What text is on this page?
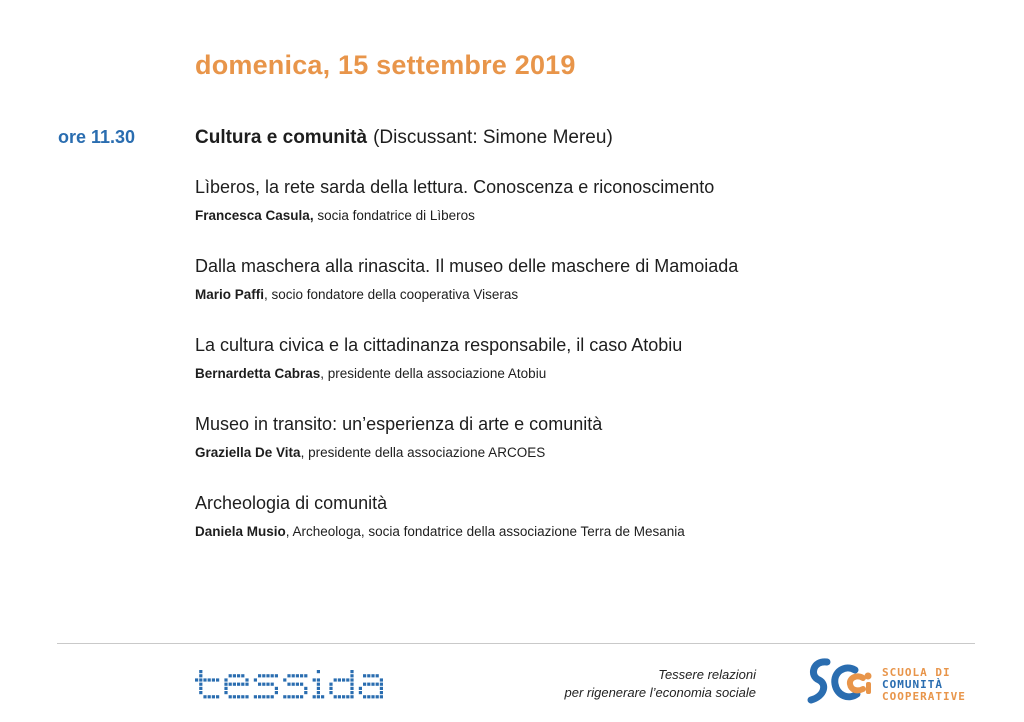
domenica, 15 settembre 2019
ore 11.30	Cultura e comunità (Discussant: Simone Mereu)
Lìberos, la rete sarda della lettura. Conoscenza e riconoscimento
Francesca Casula, socia fondatrice di Lìberos
Dalla maschera alla rinascita. Il museo delle maschere di Mamoiada
Mario Paffi, socio fondatore della cooperativa Viseras
La cultura civica e la cittadinanza responsabile, il caso Atobiu
Bernardetta Cabras, presidente della associazione Atobiu
Museo in transito: un’esperienza di arte e comunità
Graziella De Vita, presidente della associazione ARCOES
Archeologia di comunità
Daniela Musio, Archeologa, socia fondatrice della associazione Terra de Mesania
Tessere relazioni
per rigenerare l’economia sociale
SCUOLA DI
COMUNITÀ
COOPERATIVE
